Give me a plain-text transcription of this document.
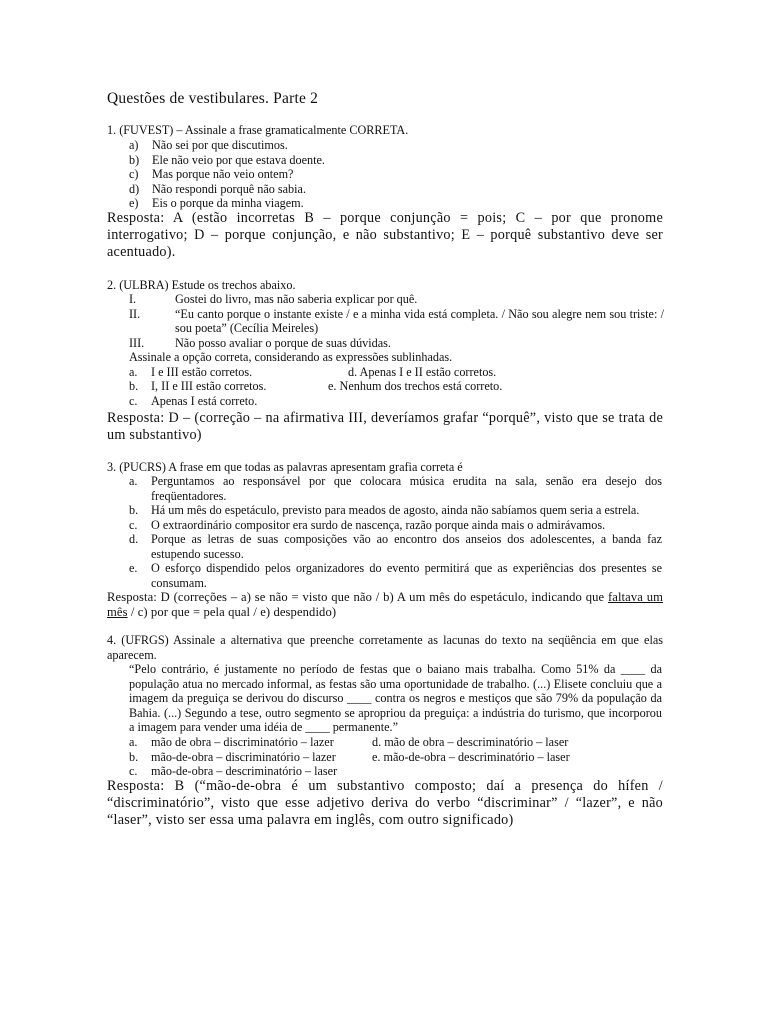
Questões de vestibulares. Parte 2
1. (FUVEST) – Assinale a frase gramaticalmente CORRETA.
a) Não sei por que discutimos.
b) Ele não veio por que estava doente.
c) Mas porque não veio ontem?
d) Não respondi porquê não sabia.
e) Eis o porque da minha viagem.
Resposta: A (estão incorretas B – porque conjunção = pois; C – por que pronome interrogativo; D – porque conjunção, e não substantivo; E – porquê substantivo deve ser acentuado).
2. (ULBRA) Estude os trechos abaixo.
I.	Gostei do livro, mas não saberia explicar por quê.
II.	“Eu canto porque o instante existe / e a minha vida está completa. / Não sou alegre nem sou triste: / sou poeta” (Cecília Meireles)
III.	Não posso avaliar o porque de suas dúvidas.
Assinale a opção correta, considerando as expressões sublinhadas.
a. I e III estão corretos.	d. Apenas I e II estão corretos.
b. I, II e III estão corretos.	e. Nenhum dos trechos está correto.
c. Apenas I está correto.
Resposta: D – (correção – na afirmativa III, deveríamos grafar “porquê”, visto que se trata de um substantivo)
3. (PUCRS) A frase em que todas as palavras apresentam grafia correta é
a.	Perguntamos ao responsável por que colocara música erudita na sala, senão era desejo dos freqüentadores.
b.	Há um mês do espetáculo, previsto para meados de agosto, ainda não sabíamos quem seria a estrela.
c.	O extraordinário compositor era surdo de nascença, razão porque ainda mais o admirávamos.
d.	Porque as letras de suas composições vão ao encontro dos anseios dos adolescentes, a banda faz estupendo sucesso.
e.	O esforço dispendido pelos organizadores do evento permitirá que as experiências dos presentes se consumam.
Resposta: D (correções – a) se não = visto que não / b) A um mês do espetáculo, indicando que faltava um mês / c) por que = pela qual / e) despendido)
4. (UFRGS) Assinale a alternativa que preenche corretamente as lacunas do texto na seqüência em que elas aparecem.
“Pelo contrário, é justamente no período de festas que o baiano mais trabalha. Como 51% da ____ da população atua no mercado informal, as festas são uma oportunidade de trabalho. (...) Elisete concluiu que a imagem da preguiça se derivou do discurso ____ contra os negros e mestiços que são 79% da população da Bahia. (...) Segundo a tese, outro segmento se apropriou da preguiça: a indústria do turismo, que incorporou a imagem para vender uma idéia de ____ permanente.”
a. mão de obra – discriminatório – lazer	d. mão de obra – descriminatório – laser
b. mão-de-obra – discriminatório – lazer	e. mão-de-obra – descriminatório – laser
c. mão-de-obra – descriminatório – laser
Resposta: B (“mão-de-obra é um substantivo composto; daí a presença do hífen / “discriminatório”, visto que esse adjetivo deriva do verbo “discriminar” / “lazer”, e não “laser”, visto ser essa uma palavra em inglês, com outro significado)
